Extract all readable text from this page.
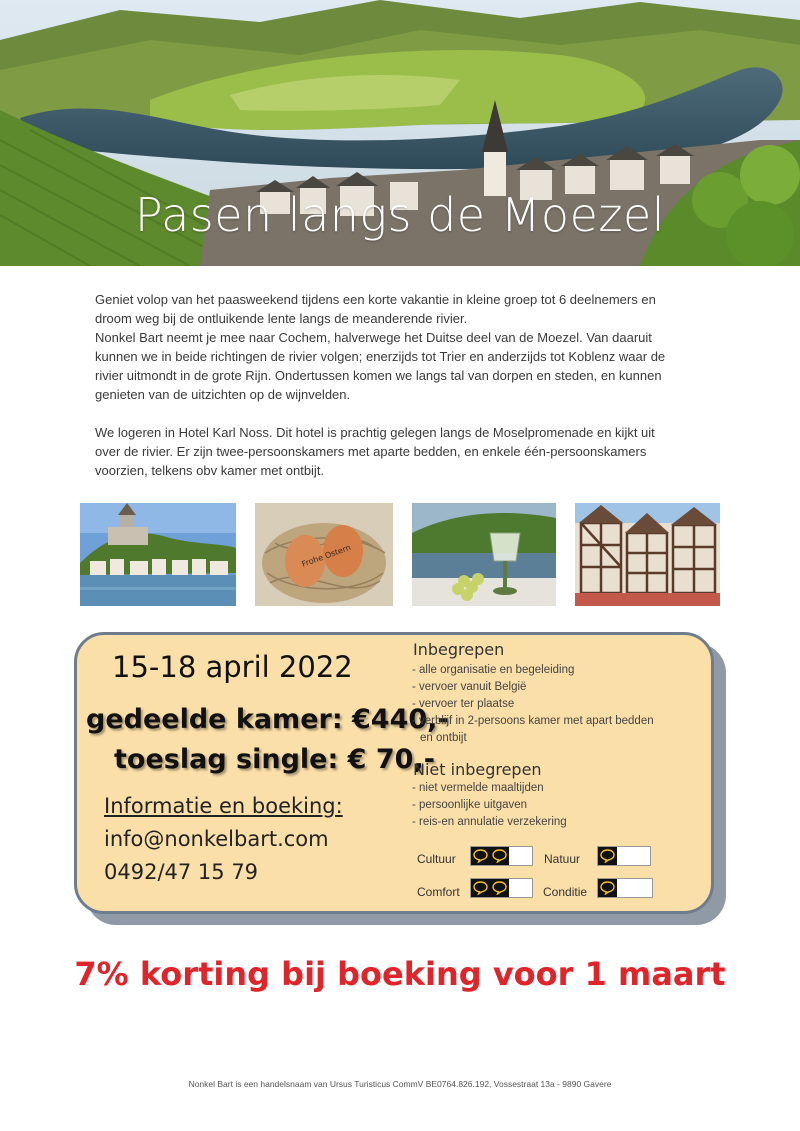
Pasen langs de Moezel

Geniet volop van het paasweekend tijdens een korte vakantie in kleine groep tot 6 deelnemers en

droom weg bij de ontluikende lente langs de meanderende rivier.

Nonkel Bart neemt je mee naar Cochem, halverwege het Duitse deel van de Moezel. Van daaruit

kunnen we in beide richtingen de rivier volgen; enerzijds tot Trier en anderzijds tot Koblenz waar de

rivier uitmondt in de grote Rijn. Ondertussen komen we langs tal van dorpen en steden, en kunnen

genieten van de uitzichten op de wijnvelden.

We logeren in Hotel Karl Noss. Dit hotel is prachtig gelegen langs de Moselpromenade en kijkt uit

over de rivier. Er zijn twee-persoonskamers met aparte bedden, en enkele één-persoonskamers

voorzien, telkens obv kamer met ontbijt.

Frohe Ostern
15-18 april 2022
gedeelde kamer: €440,-
toeslag single: € 70,-
Informatie en boeking:
info@nonkelbart.com
0492/47 15 79
Inbegrepen
- alle organisatie en begeleiding
- vervoer vanuit België
- vervoer ter plaatse
- verblijf in 2-persoons kamer met apart bedden
en ontbijt
Niet inbegrepen
- niet vermelde maaltijden
- persoonlijke uitgaven
- reis-en annulatie verzekering
Cultuur	Natuur
Comfort	Conditie
7% korting bij boeking voor 1 maart
Nonkel Bart is een handelsnaam van Ursus Turisticus CommV BE0764.826.192, Vossestraat 13a - 9890 Gavere
